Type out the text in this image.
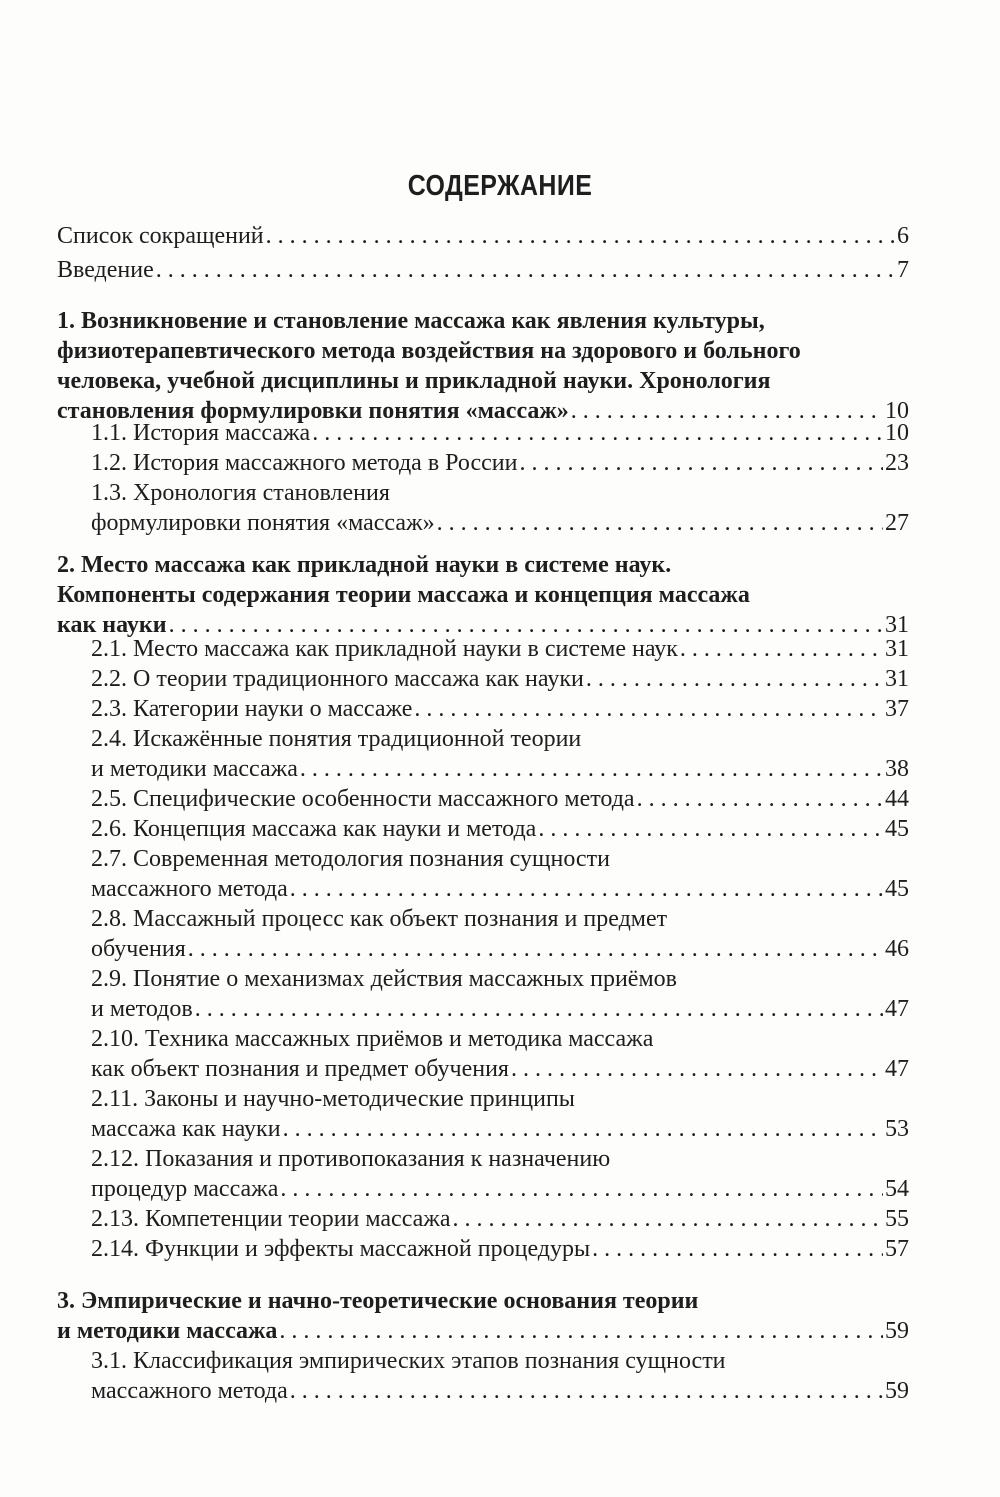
СОДЕРЖАНИЕ
Список сокращений . . .	6
Введение . . .	7
1. Возникновение и становление массажа как явления культуры,
физиотерапевтического метода воздействия на здорового и больного
человека, учебной дисциплины и прикладной науки. Хронология
становления формулировки понятия «массаж» . . .	10
1.1. История массажа . . .	10
1.2. История массажного метода в России . . .	23
1.3. Хронология становления
формулировки понятия «массаж» . . .	27
2. Место массажа как прикладной науки в системе наук.
Компоненты содержания теории массажа и концепция массажа
как науки . . .	31
2.1. Место массажа как прикладной науки в системе наук . . .	31
2.2. О теории традиционного массажа как науки . . .	31
2.3. Категории науки о массаже . . .	37
2.4. Искажённые понятия традиционной теории
и методики массажа . . .	38
2.5. Специфические особенности массажного метода . . .	44
2.6. Концепция массажа как науки и метода . . .	45
2.7. Современная методология познания сущности
массажного метода . . .	45
2.8. Массажный процесс как объект познания и предмет
обучения . . .	46
2.9. Понятие о механизмах действия массажных приёмов
и методов . . .	47
2.10. Техника массажных приёмов и методика массажа
как объект познания и предмет обучения . . .	47
2.11. Законы и научно-методические принципы
массажа как науки . . .	53
2.12. Показания и противопоказания к назначению
процедур массажа . . .	54
2.13. Компетенции теории массажа . . .	55
2.14. Функции и эффекты массажной процедуры . . .	57
3. Эмпирические и начно-теоретические основания теории
и методики массажа . . .	59
3.1. Классификация эмпирических этапов познания сущности
массажного метода . . .	59
